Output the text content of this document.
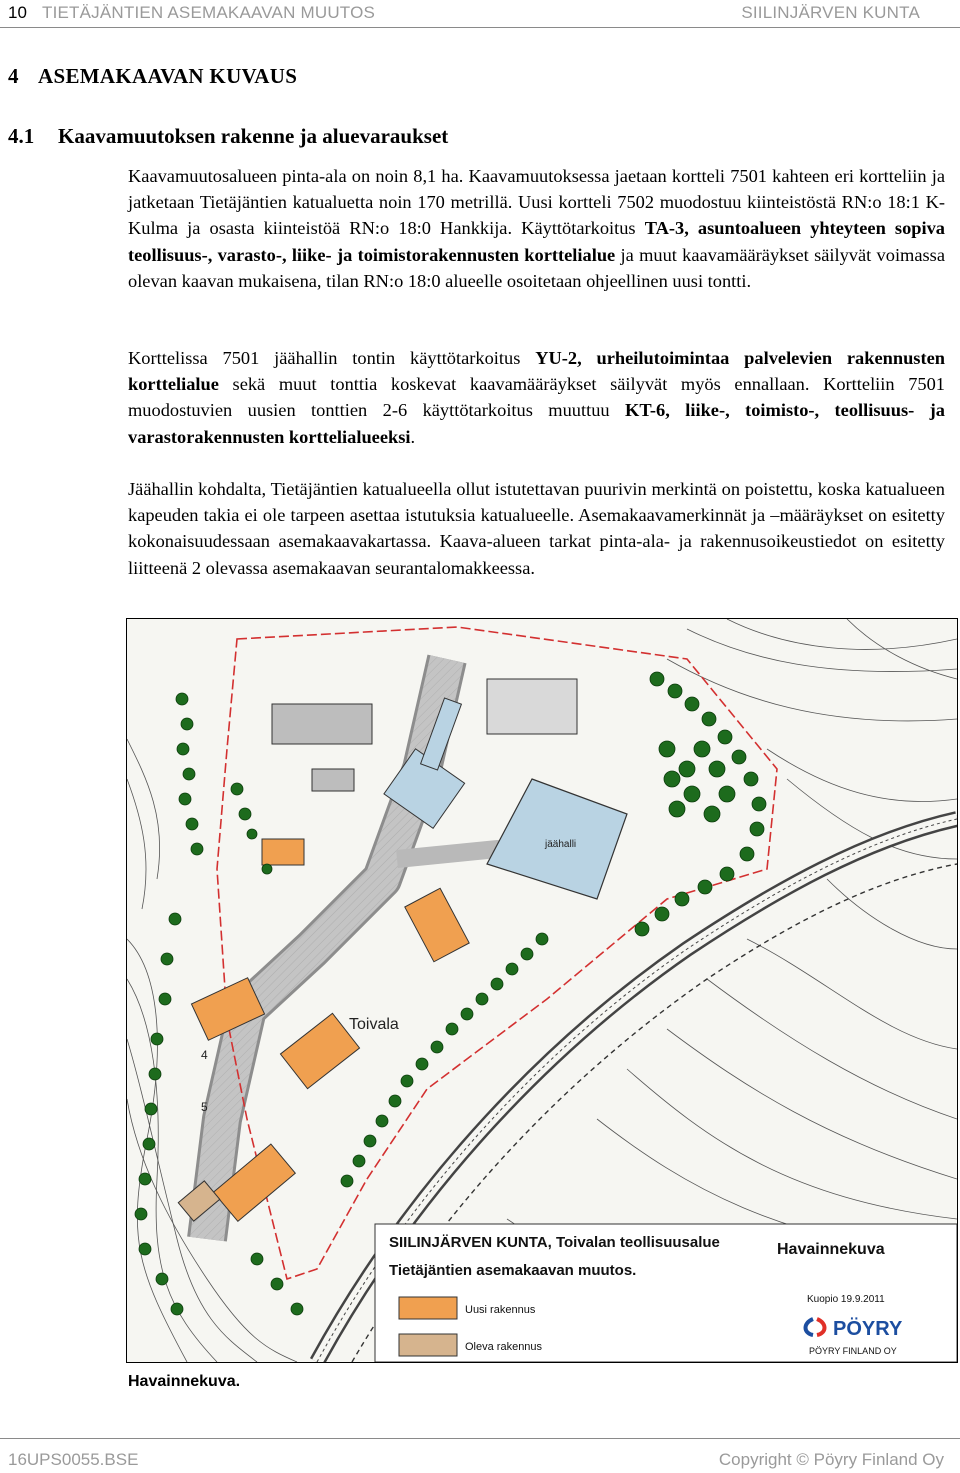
10 TIETÄJÄNTIEN ASEMAKAAVAN MUUTOS	SIILINJÄRVEN KUNTA
4 ASEMAKAAVAN KUVAUS
4.1 Kaavamuutoksen rakenne ja aluevaraukset
Kaavamuutosalueen pinta-ala on noin 8,1 ha. Kaavamuutoksessa jaetaan kortteli 7501 kahteen eri kortteliin ja jatketaan Tietäjäntien katualuetta noin 170 metrillä. Uusi kortteli 7502 muodostuu kiinteistöstä RN:o 18:1 K-Kulma ja osasta kiinteistöä RN:o 18:0 Hankkija. Käyttötarkoitus TA-3, asuntoalueen yhteyteen sopiva teollisuus-, varasto-, liike- ja toimistorakennusten korttelialue ja muut kaavamääräykset säilyvät voimassa olevan kaavan mukaisena, tilan RN:o 18:0 alueelle osoitetaan ohjeellinen uusi tontti.
Korttelissa 7501 jäähallin tontin käyttötarkoitus YU-2, urheilutoimintaa palvelevien rakennusten korttelialue sekä muut tonttia koskevat kaavamääräykset säilyvät myös ennallaan. Kortteliin 7501 muodostuvien uusien tonttien 2-6 käyttötarkoitus muuttuu KT-6, liike-, toimisto-, teollisuus- ja varastorakennusten korttelialueeksi.
Jäähallin kohdalta, Tietäjäntien katualueella ollut istutettavan puurivin merkintä on poistettu, koska katualueen kapeuden takia ei ole tarpeen asettaa istutuksia katualueelle. Asemakaavamerkinnät ja –määräykset on esitetty kokonaisuudessaan asemakaavakartassa. Kaava-alueen tarkat pinta-ala- ja rakennusoikeustiedot on esitetty liitteenä 2 olevassa asemakaavan seurantalomakkeessa.
jäähalli
Toivala
4
5
SIILINJÄRVEN KUNTA, Toivalan teollisuusalue
Tietäjäntien asemakaavan muutos.
Havainnekuva
Uusi rakennus
Oleva rakennus
Kuopio 19.9.2011
PÖYRY
PÖYRY FINLAND OY
Havainnekuva.
16UPS0055.BSE	Copyright © Pöyry Finland Oy
